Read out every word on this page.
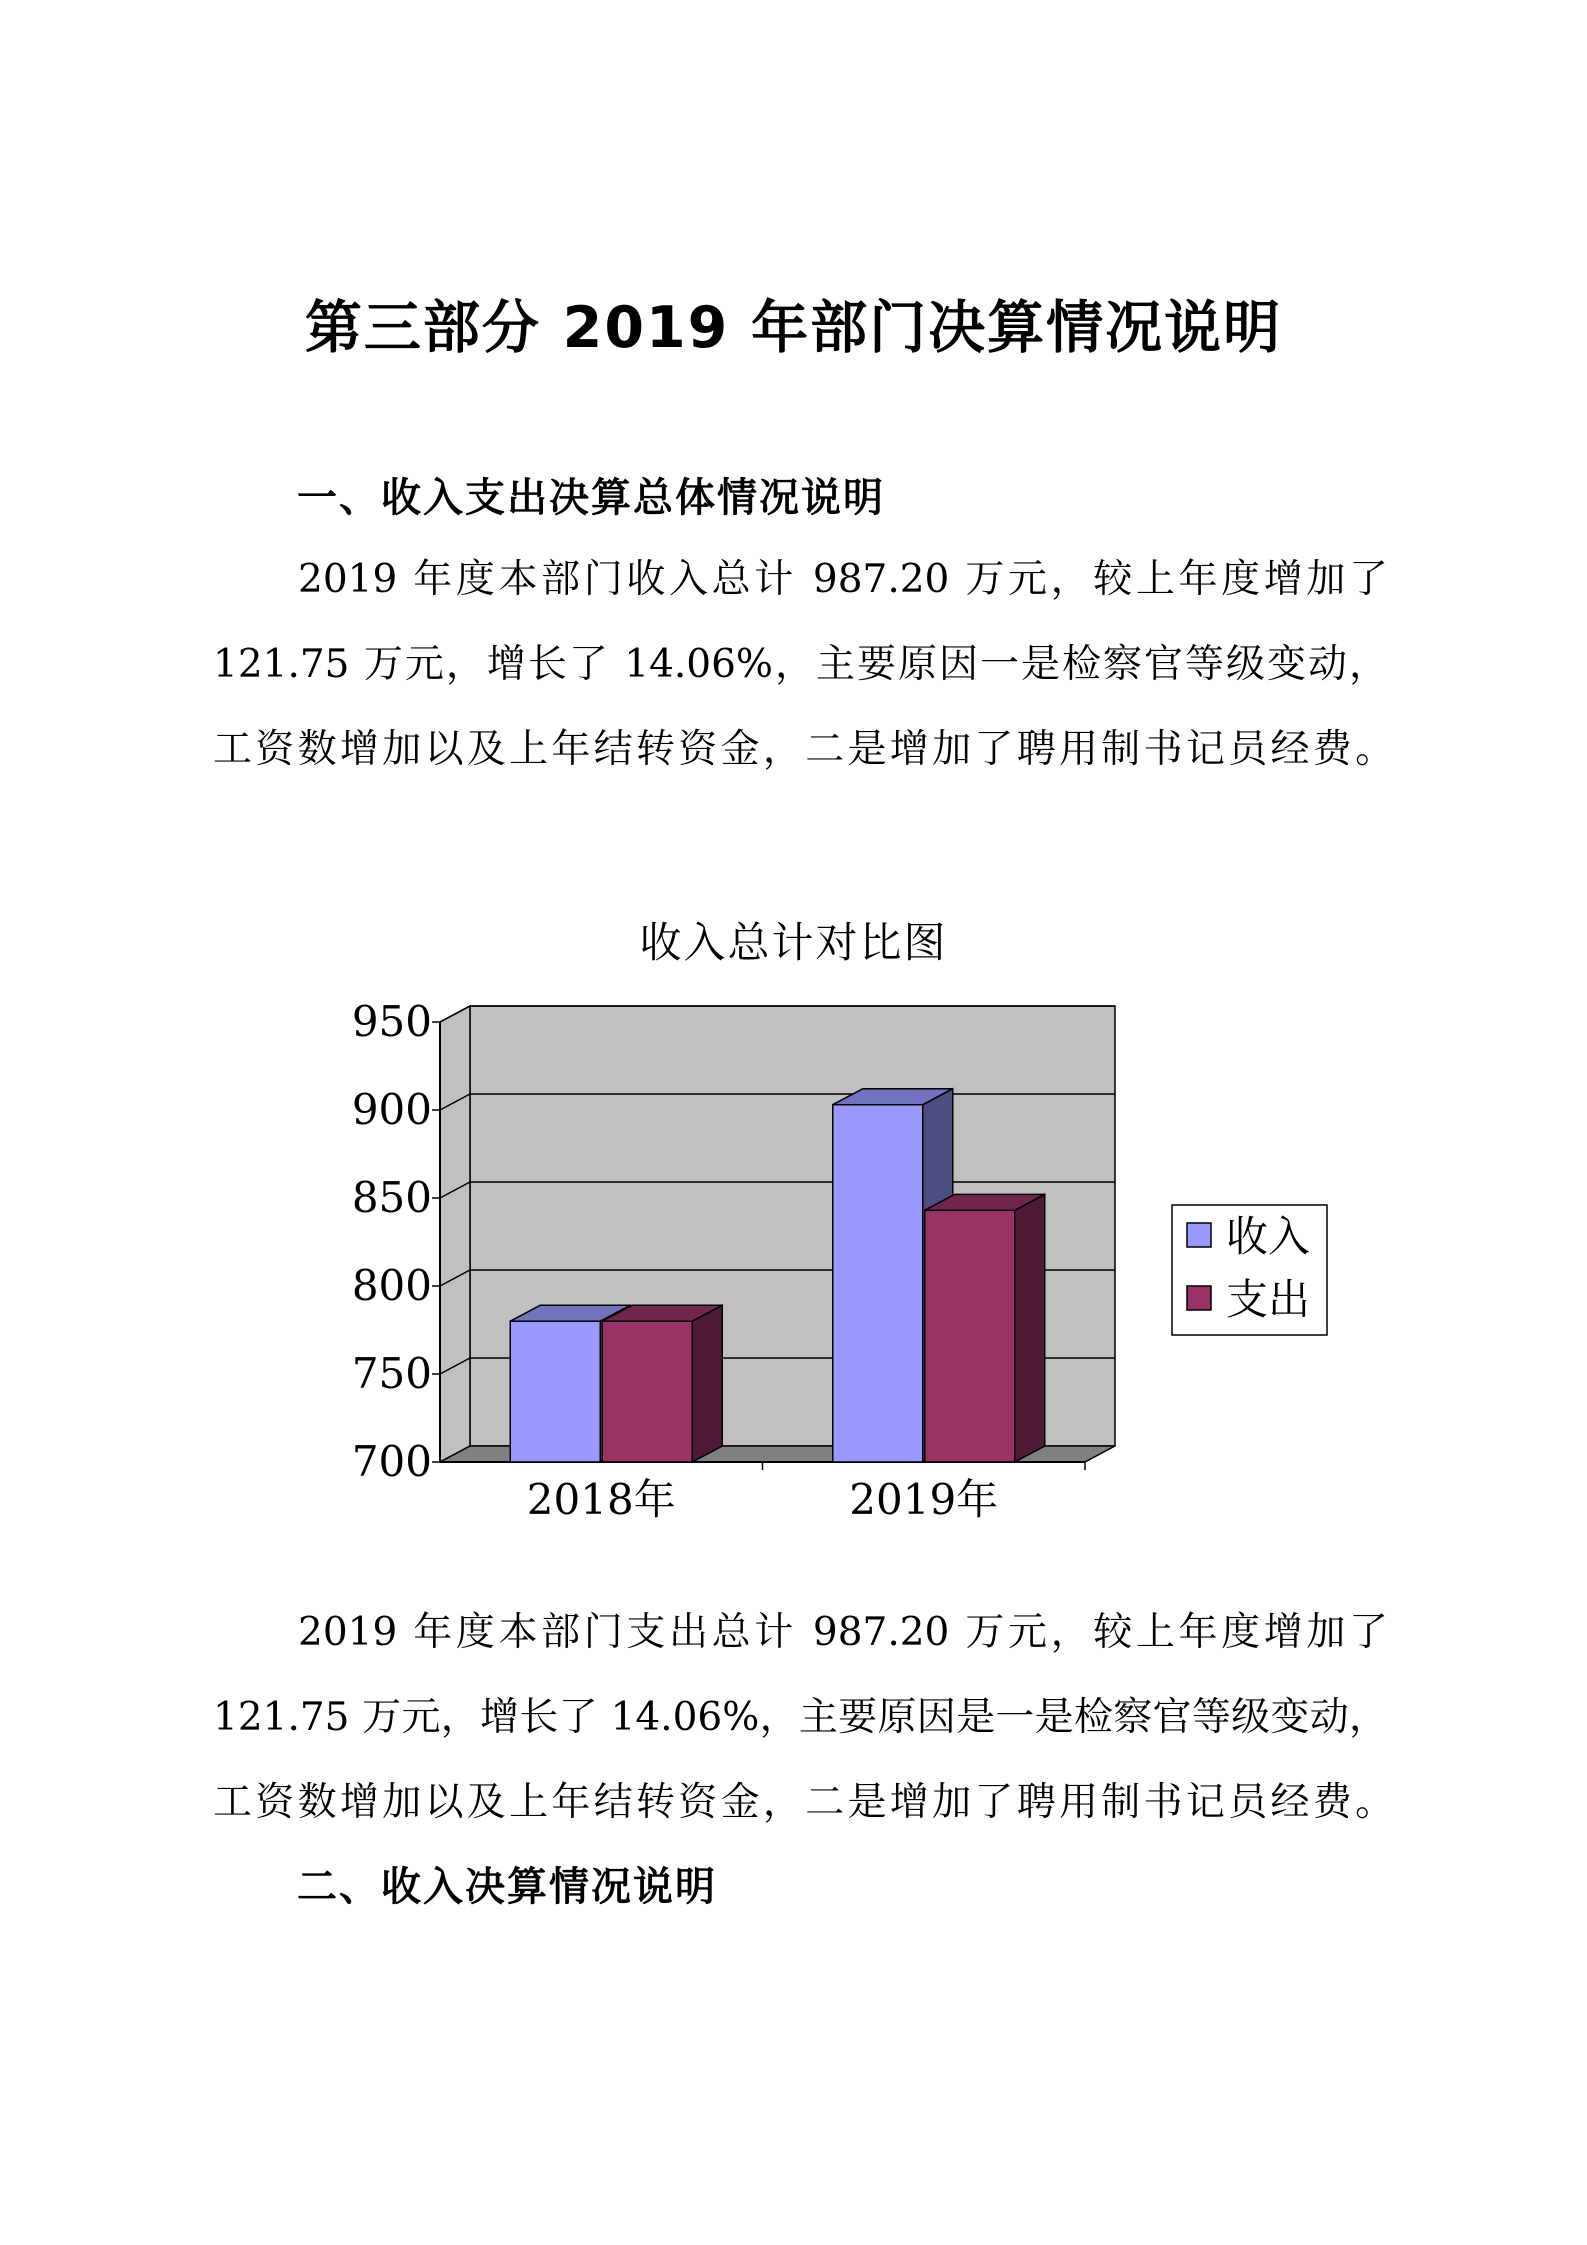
第三部分 2019 年部门决算情况说明
一、收入支出决算总体情况说明
2019 年度本部门收入总计 987.20 万元，较上年度增加了
121.75 万元，增长了 14.06%，主要原因一是检察官等级变动，
工资数增加以及上年结转资金，二是增加了聘用制书记员经费。
收入总计对比图
700
750
800
850
900
950
2018年	2019年
收入
支出
2019 年度本部门支出总计 987.20 万元，较上年度增加了
121.75 万元，增长了 14.06%，主要原因是一是检察官等级变动，
工资数增加以及上年结转资金，二是增加了聘用制书记员经费。
二、收入决算情况说明
